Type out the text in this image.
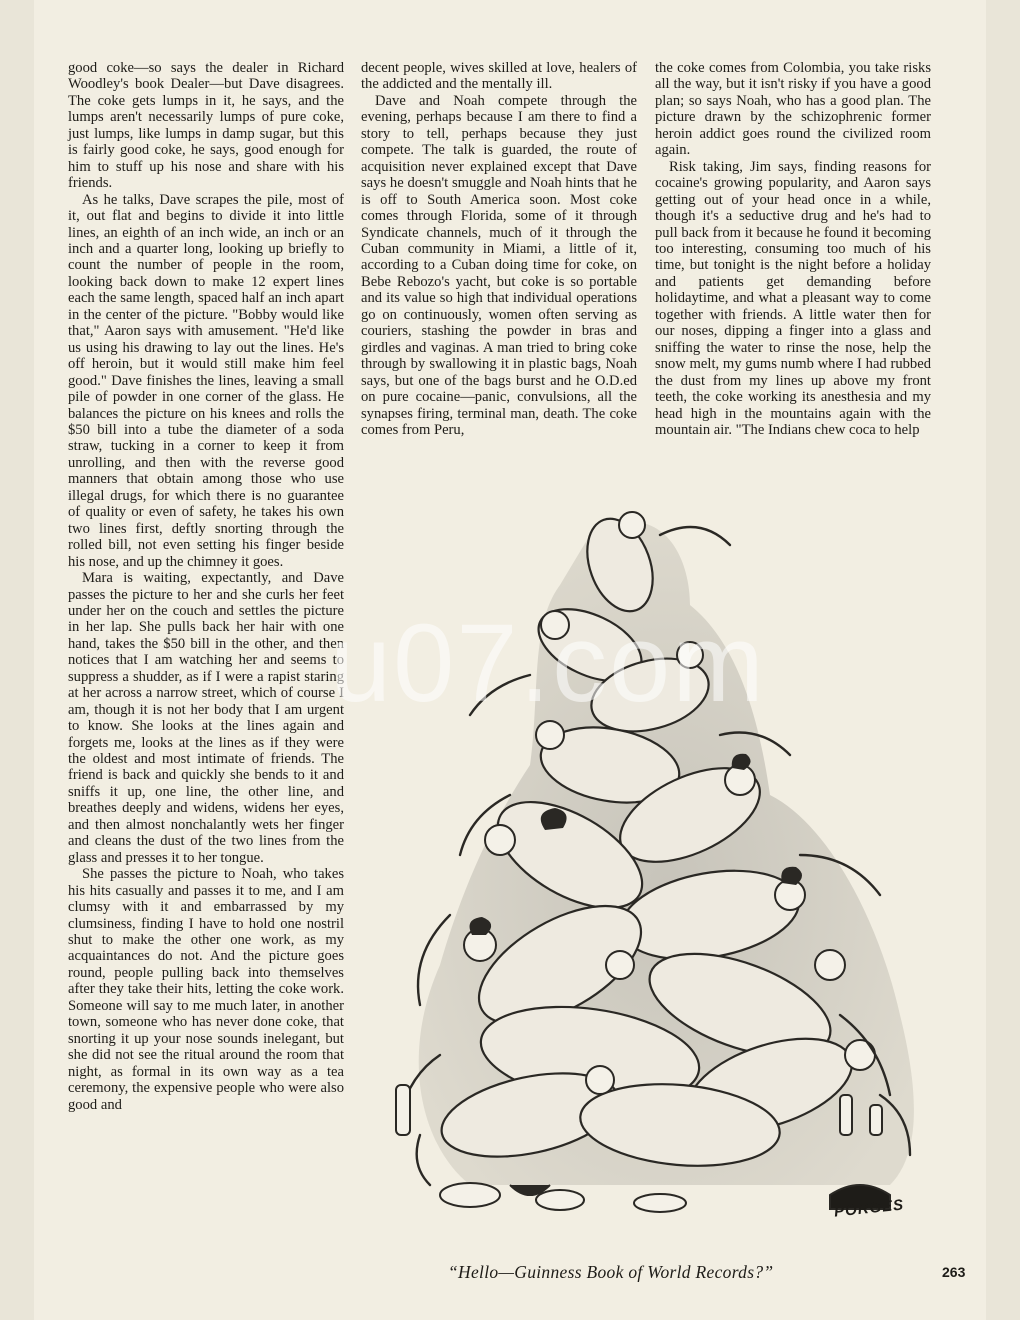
good coke—so says the dealer in Richard Woodley's book Dealer—but Dave disagrees. The coke gets lumps in it, he says, and the lumps aren't necessarily lumps of pure coke, just lumps, like lumps in damp sugar, but this is fairly good coke, he says, good enough for him to stuff up his nose and share with his friends.

As he talks, Dave scrapes the pile, most of it, out flat and begins to divide it into little lines, an eighth of an inch wide, an inch or an inch and a quarter long, looking up briefly to count the number of people in the room, looking back down to make 12 expert lines each the same length, spaced half an inch apart in the center of the picture. "Bobby would like that," Aaron says with amusement. "He'd like us using his drawing to lay out the lines. He's off heroin, but it would still make him feel good." Dave finishes the lines, leaving a small pile of powder in one corner of the glass. He balances the picture on his knees and rolls the $50 bill into a tube the diameter of a soda straw, tucking in a corner to keep it from unrolling, and then with the reverse good manners that obtain among those who use illegal drugs, for which there is no guarantee of quality or even of safety, he takes his own two lines first, deftly snorting through the rolled bill, not even setting his finger beside his nose, and up the chimney it goes.

Mara is waiting, expectantly, and Dave passes the picture to her and she curls her feet under her on the couch and settles the picture in her lap. She pulls back her hair with one hand, takes the $50 bill in the other, and then notices that I am watching her and seems to suppress a shudder, as if I were a rapist staring at her across a narrow street, which of course I am, though it is not her body that I am urgent to know. She looks at the lines again and forgets me, looks at the lines as if they were the oldest and most intimate of friends. The friend is back and quickly she bends to it and sniffs it up, one line, the other line, and breathes deeply and widens, widens her eyes, and then almost nonchalantly wets her finger and cleans the dust of the two lines from the glass and presses it to her tongue.

She passes the picture to Noah, who takes his hits casually and passes it to me, and I am clumsy with it and embarrassed by my clumsiness, finding I have to hold one nostril shut to make the other one work, as my acquaintances do not. And the picture goes round, people pulling back into themselves after they take their hits, letting the coke work. Someone will say to me much later, in another town, someone who has never done coke, that snorting it up your nose sounds inelegant, but she did not see the ritual around the room that night, as formal in its own way as a tea ceremony, the expensive people who were also good and

decent people, wives skilled at love, healers of the addicted and the mentally ill.

Dave and Noah compete through the evening, perhaps because I am there to find a story to tell, perhaps because they just compete. The talk is guarded, the route of acquisition never explained except that Dave says he doesn't smuggle and Noah hints that he is off to South America soon. Most coke comes through Florida, some of it through Syndicate channels, much of it through the Cuban community in Miami, a little of it, according to a Cuban doing time for coke, on Bebe Rebozo's yacht, but coke is so portable and its value so high that individual operations go on continuously, women often serving as couriers, stashing the powder in bras and girdles and vaginas. A man tried to bring coke through by swallowing it in plastic bags, Noah says, but one of the bags burst and he O.D.ed on pure cocaine—panic, convulsions, all the synapses firing, terminal man, death. The coke comes from Peru,

the coke comes from Colombia, you take risks all the way, but it isn't risky if you have a good plan; so says Noah, who has a good plan. The picture drawn by the schizophrenic former heroin addict goes round the civilized room again.

Risk taking, Jim says, finding reasons for cocaine's growing popularity, and Aaron says getting out of your head once in a while, though it's a seductive drug and he's had to pull back from it because he found it becoming too interesting, consuming too much of his time, but tonight is the night before a holiday and patients get demanding before holidaytime, and what a pleasant way to come together with friends. A little water then for our noses, dipping a finger into a glass and sniffing the water to rinse the nose, help the snow melt, my gums numb where I had rubbed the dust from my lines up above my front teeth, the coke working its anesthesia and my head high in the mountains again with the mountain air. "The Indians chew coca to help

u07.com
PORGES
“Hello—Guinness Book of World Records?”	263
